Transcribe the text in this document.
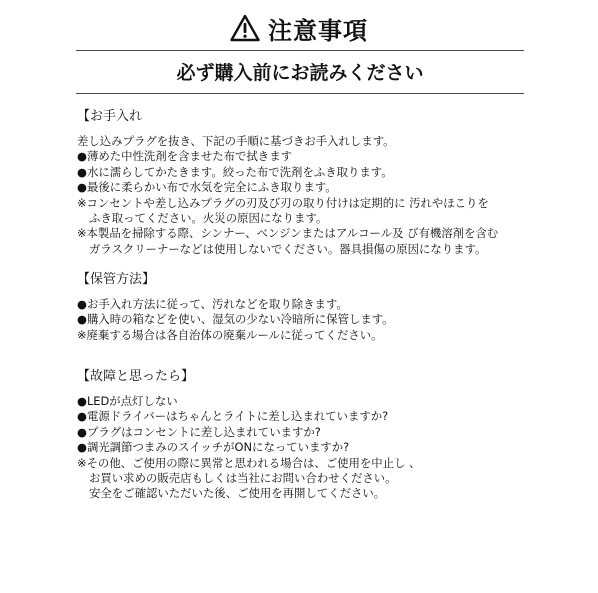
注意事項
必ず購入前にお読みください
【お手入れ

差し込みプラグを抜き、下記の手順に基づきお手入れします。

●薄めた中性洗剤を含ませた布で拭きます

●水に濡らしてかたきます。絞った布で洗剤をふき取ります。

●最後に柔らかい布で水気を完全にふき取ります。

※コンセントや差し込みプラグの刃及び刃の取り付けは定期的に 汚れやほこりを

ふき取ってください。火災の原因になります。

※本製品を掃除する際、シンナー、ベンジンまたはアルコール及 び有機溶剤を含む

ガラスクリーナーなどは使用しないでください。器具損傷の原因になります。

【保管方法】

●お手入れ方法に従って、汚れなどを取り除きます。

●購入時の箱などを使い、湿気の少ない冷暗所に保管します。

※廃棄する場合は各自治体の廃棄ルールに従ってください。

【故障と思ったら】

●LEDが点灯しない

●電源ドライバーはちゃんとライトに差し込まれていますか?

●プラグはコンセントに差し込まれていますか?

●調光調節つまみのスイッチがONになっていますか?

※その他、ご使用の際に異常と思われる場合は、ご使用を中止し 、

お買い求めの販売店もしくは当社にお問い合わせください。

安全をご確認いただいた後、ご使用を再開してください。
